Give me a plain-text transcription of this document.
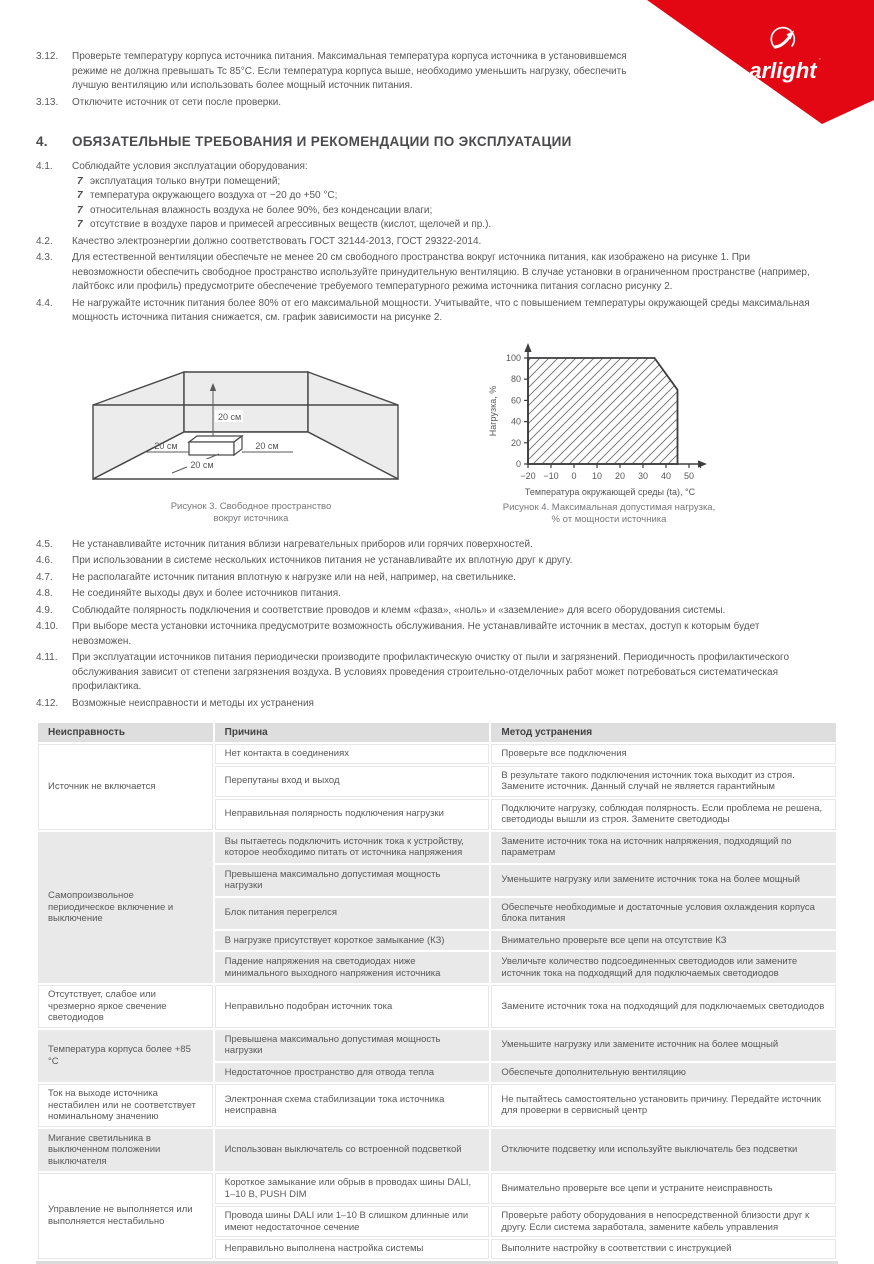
arlight ’
3.12.	Проверьте температуру корпуса источника питания. Максимальная температура корпуса источника в установившемся режиме не должна превышать Tc 85°C. Если температура корпуса выше, необходимо уменьшить нагрузку, обеспечить лучшую вентиляцию или использовать более мощный источник питания.
3.13.	Отключите источник от сети после проверки.
4.	ОБЯЗАТЕЛЬНЫЕ ТРЕБОВАНИЯ И РЕКОМЕНДАЦИИ ПО ЭКСПЛУАТАЦИИ
4.1.	Соблюдайте условия эксплуатации оборудования:
7 эксплуатация только внутри помещений;
7 температура окружающего воздуха от −20 до +50 °C;
7 относительная влажность воздуха не более 90%, без конденсации влаги;
7 отсутствие в воздухе паров и примесей агрессивных веществ (кислот, щелочей и пр.).
4.2.	Качество электроэнергии должно соответствовать ГОСТ 32144-2013, ГОСТ 29322-2014.
4.3.	Для естественной вентиляции обеспечьте не менее 20 см свободного пространства вокруг источника питания, как изображено на рисунке 1. При невозможности обеспечить свободное пространство используйте принудительную вентиляцию. В случае установки в ограниченном пространстве (например, лайтбокс или профиль) предусмотрите обеспечение требуемого температурного режима источника питания согласно рисунку 2.
4.4.	Не нагружайте источник питания более 80% от его максимальной мощности. Учитывайте, что с повышением температуры окружающей среды максимальная мощность источника питания снижается, см. график зависимости на рисунке 2.
20 см
20 см	20 см
20 см
Рисунок 3. Свободное пространство
вокруг источника
0
20
40
60
80
100
−20 −10 0 10 20 30 40 50
Нагрузка, %
Температура окружающей среды (ta), °C
Рисунок 4. Максимальная допустимая нагрузка,
% от мощности источника
4.5.	Не устанавливайте источник питания вблизи нагревательных приборов или горячих поверхностей.
4.6.	При использовании в системе нескольких источников питания не устанавливайте их вплотную друг к другу.
4.7.	Не располагайте источник питания вплотную к нагрузке или на ней, например, на светильнике.
4.8.	Не соединяйте выходы двух и более источников питания.
4.9.	Соблюдайте полярность подключения и соответствие проводов и клемм «фаза», «ноль» и «заземление» для всего оборудования системы.
4.10.	При выборе места установки источника предусмотрите возможность обслуживания. Не устанавливайте источник в местах, доступ к которым будет невозможен.
4.11.	При эксплуатации источников питания периодически производите профилактическую очистку от пыли и загрязнений. Периодичность профилактического обслуживания зависит от степени загрязнения воздуха. В условиях проведения строительно-отделочных работ может потребоваться систематическая профилактика.
4.12.	Возможные неисправности и методы их устранения
Неисправность	Причина	Метод устранения
Источник не включается	Нет контакта в соединениях	Проверьте все подключения
	Перепутаны вход и выход	В результате такого подключения источник тока выходит из строя. Замените источник. Данный случай не является гарантийным
	Неправильная полярность подключения нагрузки	Подключите нагрузку, соблюдая полярность. Если проблема не решена, светодиоды вышли из строя. Замените светодиоды
Самопроизвольное периодическое включение и выключение	Вы пытаетесь подключить источник тока к устройству, которое необходимо питать от источника напряжения	Замените источник тока на источник напряжения, подходящий по параметрам
	Превышена максимально допустимая мощность нагрузки	Уменьшите нагрузку или замените источник тока на более мощный
	Блок питания перегрелся	Обеспечьте необходимые и достаточные условия охлаждения корпуса блока питания
	В нагрузке присутствует короткое замыкание (КЗ)	Внимательно проверьте все цепи на отсутствие КЗ
	Падение напряжения на светодиодах ниже минимального выходного напряжения источника	Увеличьте количество подсоединенных светодиодов или замените источник тока на подходящий для подключаемых светодиодов
Отсутствует, слабое или чрезмерно яркое свечение светодиодов	Неправильно подобран источник тока	Замените источник тока на подходящий для подключаемых светодиодов
Температура корпуса более +85 °C	Превышена максимально допустимая мощность нагрузки	Уменьшите нагрузку или замените источник на более мощный
	Недостаточное пространство для отвода тепла	Обеспечьте дополнительную вентиляцию
Ток на выходе источника нестабилен или не соответствует номинальному значению	Электронная схема стабилизации тока источника неисправна	Не пытайтесь самостоятельно установить причину. Передайте источник для проверки в сервисный центр
Мигание светильника в выключенном положении выключателя	Использован выключатель со встроенной подсветкой	Отключите подсветку или используйте выключатель без подсветки
Управление не выполняется или выполняется нестабильно	Короткое замыкание или обрыв в проводах шины DALI, 1–10 В, PUSH DIM	Внимательно проверьте все цепи и устраните неисправность
	Провода шины DALI или 1–10 В слишком длинные или имеют недостаточное сечение	Проверьте работу оборудования в непосредственной близости друг к другу. Если система заработала, замените кабель управления
	Неправильно выполнена настройка системы	Выполните настройку в соответствии с инструкцией
